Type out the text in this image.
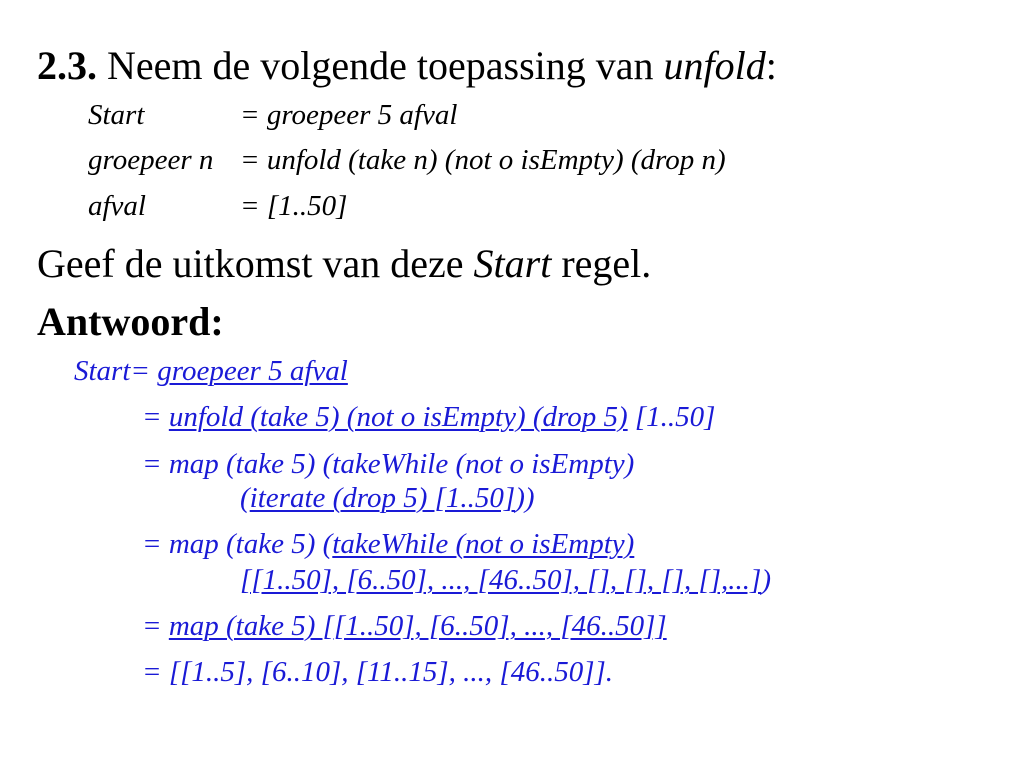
2.3. Neem de volgende toepassing van unfold:
Start	= groepeer 5 afval
groepeer n = unfold (take n) (not o isEmpty) (drop n)
afval	= [1..50]
Geef de uitkomst van deze Start regel.
Antwoord:
Start= groepeer 5 afval
= unfold (take 5) (not o isEmpty) (drop 5) [1..50]
= map (take 5) (takeWhile (not o isEmpty)
(iterate (drop 5) [1..50]))
= map (take 5) (takeWhile (not o isEmpty)
[[1..50], [6..50], ..., [46..50], [], [], [], [],...])
= map (take 5) [[1..50], [6..50], ..., [46..50]]
= [[1..5], [6..10], [11..15], ..., [46..50]].
